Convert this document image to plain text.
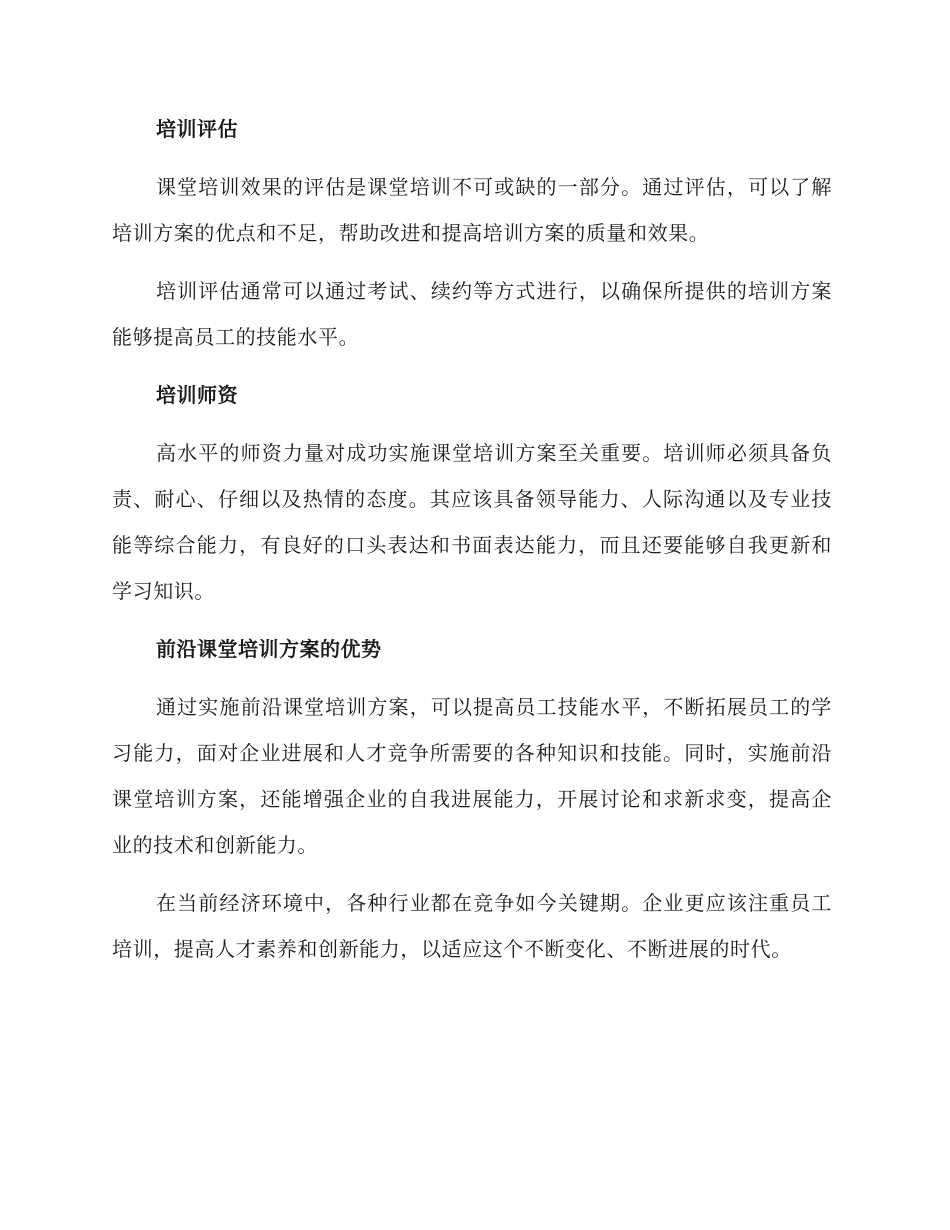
培训评估

课堂培训效果的评估是课堂培训不可或缺的一部分。通过评估，可以了解培训方案的优点和不足，帮助改进和提高培训方案的质量和效果。

培训评估通常可以通过考试、续约等方式进行，以确保所提供的培训方案能够提高员工的技能水平。

培训师资

高水平的师资力量对成功实施课堂培训方案至关重要。培训师必须具备负责、耐心、仔细以及热情的态度。其应该具备领导能力、人际沟通以及专业技能等综合能力，有良好的口头表达和书面表达能力，而且还要能够自我更新和学习知识。

前沿课堂培训方案的优势

通过实施前沿课堂培训方案，可以提高员工技能水平，不断拓展员工的学习能力，面对企业进展和人才竞争所需要的各种知识和技能。同时，实施前沿课堂培训方案，还能增强企业的自我进展能力，开展讨论和求新求变，提高企业的技术和创新能力。

在当前经济环境中，各种行业都在竞争如今关键期。企业更应该注重员工培训，提高人才素养和创新能力，以适应这个不断变化、不断进展的时代。
